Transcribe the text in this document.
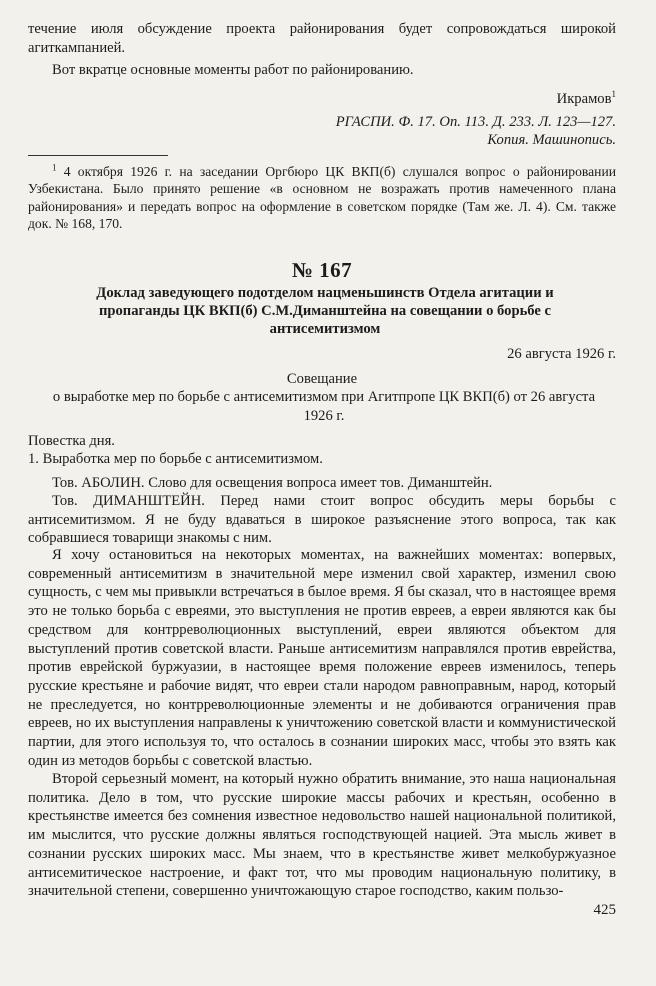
течение июля обсуждение проекта районирования будет сопровождаться широкой агиткампанией.

Вот вкратце основные моменты работ по районированию.

Икрамов$^1$

РГАСПИ. Ф. 17. Оп. 113. Д. 233. Л. 123—127.

Копия. Машинопись.

$^1$ 4 октября 1926 г. на заседании Оргбюро ЦК ВКП(б) слушался вопрос о районировании Узбекистана. Было принято решение «в основном не возражать против намеченного плана районирования» и передать вопрос на оформление в советском порядке (Там же. Л. 4). См. также док. № 168, 170.

№ 167

Доклад заведующего подотделом нацменьшинств Отдела агитации и пропаганды ЦК ВКП(б) С.М.Диманштейна на совещании о борьбе с антисемитизмом

26 августа 1926 г.

Совещание

о выработке мер по борьбе с антисемитизмом при Агитпропе ЦК ВКП(б) от 26 августа 1926 г.

Повестка дня.

1. Выработка мер по борьбе с антисемитизмом.

Тов. АБОЛИН. Слово для освещения вопроса имеет тов. Диманштейн.

Тов. ДИМАНШТЕЙН. Перед нами стоит вопрос обсудить меры борьбы с антисемитизмом. Я не буду вдаваться в широкое разъяснение этого вопроса, так как собравшиеся товарищи знакомы с ним.

Я хочу остановиться на некоторых моментах, на важнейших моментах: вопервых, современный антисемитизм в значительной мере изменил свой характер, изменил свою сущность, с чем мы привыкли встречаться в былое время. Я бы сказал, что в настоящее время это не только борьба с евреями, это выступления не против евреев, а евреи являются как бы средством для контрреволюционных выступлений, евреи являются объектом для выступлений против советской власти. Раньше антисемитизм направлялся против еврейства, против еврейской буржуазии, в настоящее время положение евреев изменилось, теперь русские крестьяне и рабочие видят, что евреи стали народом равноправным, народ, который не преследуется, но контрреволюционные элементы и не добиваются ограничения прав евреев, но их выступления направлены к уничтожению советской власти и коммунистической партии, для этого используя то, что осталось в сознании широких масс, чтобы это взять как один из методов борьбы с советской властью.

Второй серьезный момент, на который нужно обратить внимание, это наша национальная политика. Дело в том, что русские широкие массы рабочих и крестьян, особенно в крестьянстве имеется без сомнения известное недовольство нашей национальной политикой, им мыслится, что русские должны являться господствующей нацией. Эта мысль живет в сознании русских широких масс. Мы знаем, что в крестьянстве живет мелкобуржуазное антисемитическое настроение, и факт тот, что мы проводим национальную политику, в значительной степени, совершенно уничтожающую старое господство, каким пользо-

425
